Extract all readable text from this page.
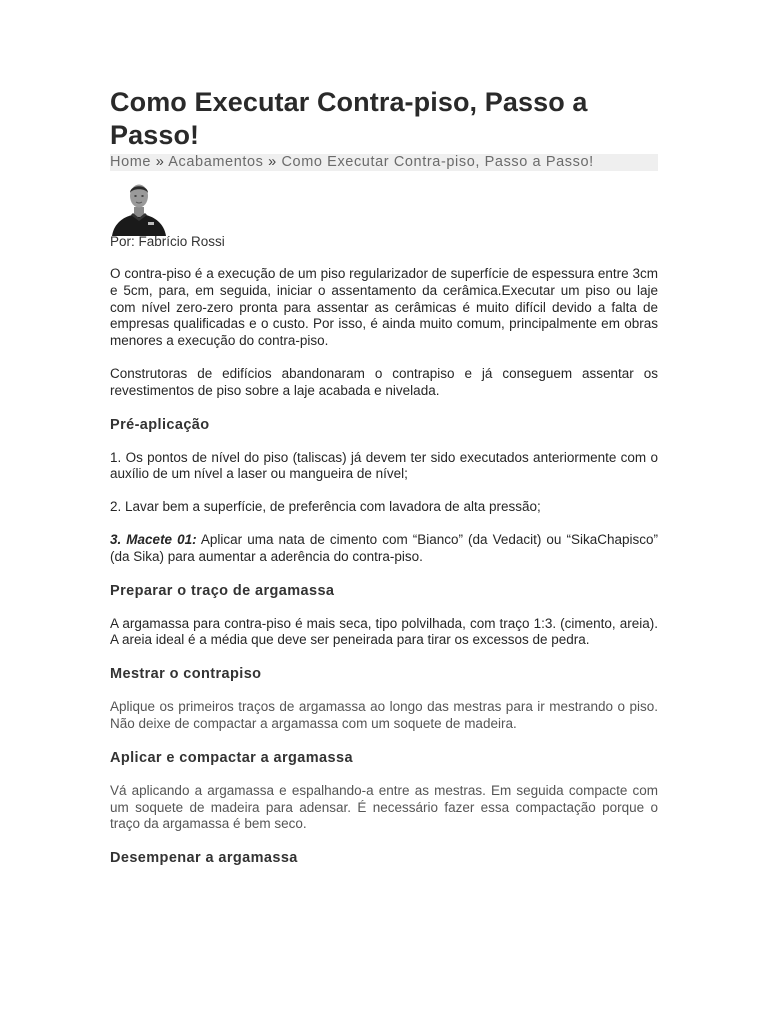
Como Executar Contra-piso, Passo a Passo!
Home » Acabamentos » Como Executar Contra-piso, Passo a Passo!
Por: Fabrício Rossi

O contra-piso é a execução de um piso regularizador de superfície de espessura entre 3cm e 5cm, para, em seguida, iniciar o assentamento da cerâmica.Executar um piso ou laje com nível zero-zero pronta para assentar as cerâmicas é muito difícil devido a falta de empresas qualificadas e o custo. Por isso, é ainda muito comum, principalmente em obras menores a execução do contra-piso.

Construtoras de edifícios abandonaram o contrapiso e já conseguem assentar os revestimentos de piso sobre a laje acabada e nivelada.

Pré-aplicação

1. Os pontos de nível do piso (taliscas) já devem ter sido executados anteriormente com o auxílio de um nível a laser ou mangueira de nível;

2. Lavar bem a superfície, de preferência com lavadora de alta pressão;

3. Macete 01: Aplicar uma nata de cimento com “Bianco” (da Vedacit) ou “SikaChapisco” (da Sika) para aumentar a aderência do contra-piso.

Preparar o traço de argamassa

A argamassa para contra-piso é mais seca, tipo polvilhada, com traço 1:3. (cimento, areia). A areia ideal é a média que deve ser peneirada para tirar os excessos de pedra.

Mestrar o contrapiso

Aplique os primeiros traços de argamassa ao longo das mestras para ir mestrando o piso. Não deixe de compactar a argamassa com um soquete de madeira.

Aplicar e compactar a argamassa

Vá aplicando a argamassa e espalhando-a entre as mestras. Em seguida compacte com um soquete de madeira para adensar. É necessário fazer essa compactação porque o traço da argamassa é bem seco.

Desempenar a argamassa
